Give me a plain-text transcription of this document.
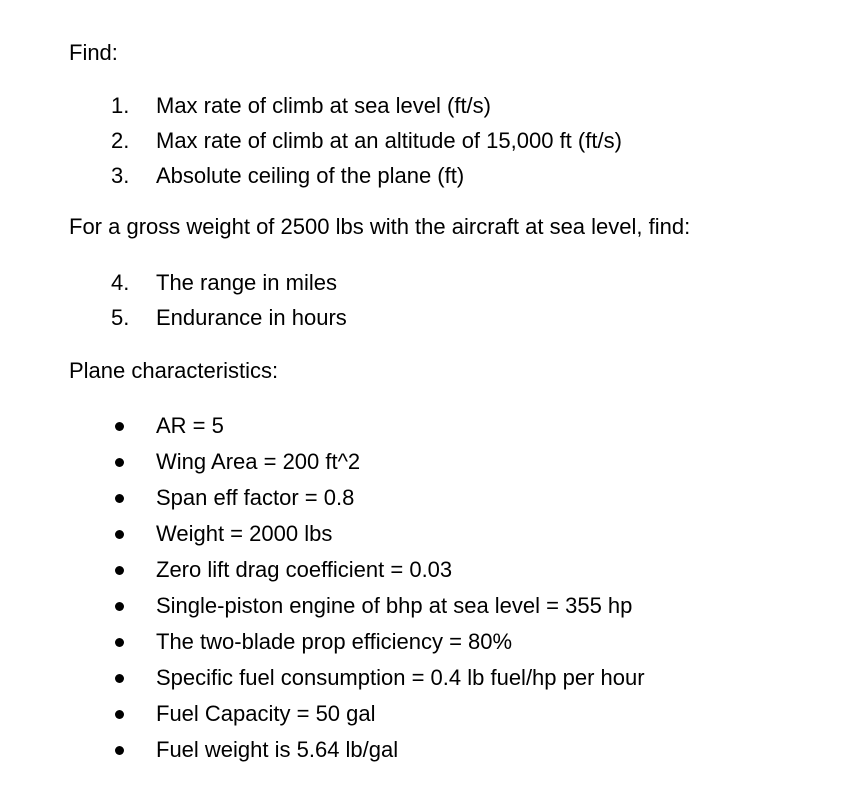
Find:
1. Max rate of climb at sea level (ft/s)
2. Max rate of climb at an altitude of 15,000 ft (ft/s)
3. Absolute ceiling of the plane (ft)
For a gross weight of 2500 lbs with the aircraft at sea level, find:
4. The range in miles
5. Endurance in hours
Plane characteristics:
AR = 5
Wing Area = 200 ft^2
Span eff factor = 0.8
Weight = 2000 lbs
Zero lift drag coefficient = 0.03
Single-piston engine of bhp at sea level = 355 hp
The two-blade prop efficiency = 80%
Specific fuel consumption = 0.4 lb fuel/hp per hour
Fuel Capacity = 50 gal
Fuel weight is 5.64 lb/gal
